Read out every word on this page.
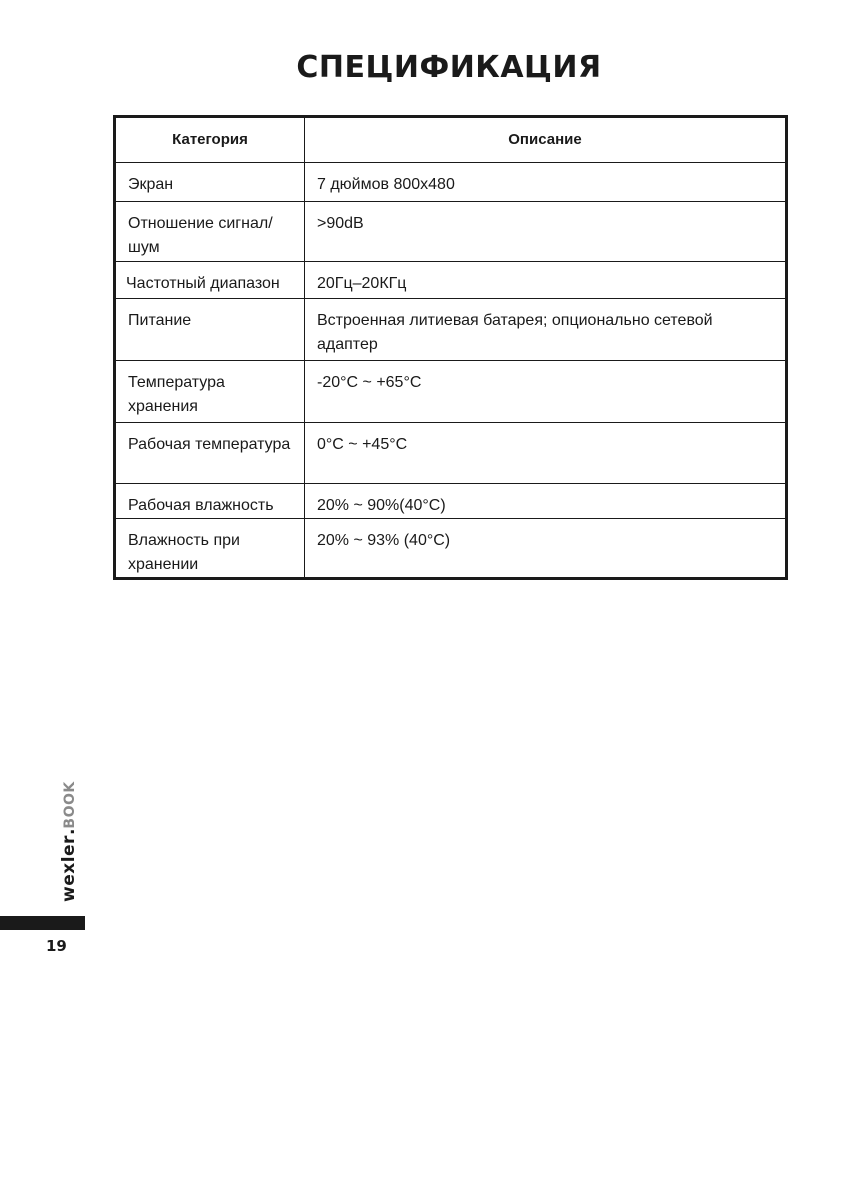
СПЕЦИФИКАЦИЯ
Категория	Описание
Экран	7 дюймов 800x480
Отношение сигнал/ шум	>90dB
Частотный диапазон	20Гц–20КГц
Питание	Встроенная литиевая батарея; опционально сетевой адаптер
Температура хранения	-20°С ~ +65°С
Рабочая температура	0°С ~ +45°С
Рабочая влажность	20% ~ 90%(40°С)
Влажность при хранении	20% ~ 93% (40°С)
wexler.BOOK
19
